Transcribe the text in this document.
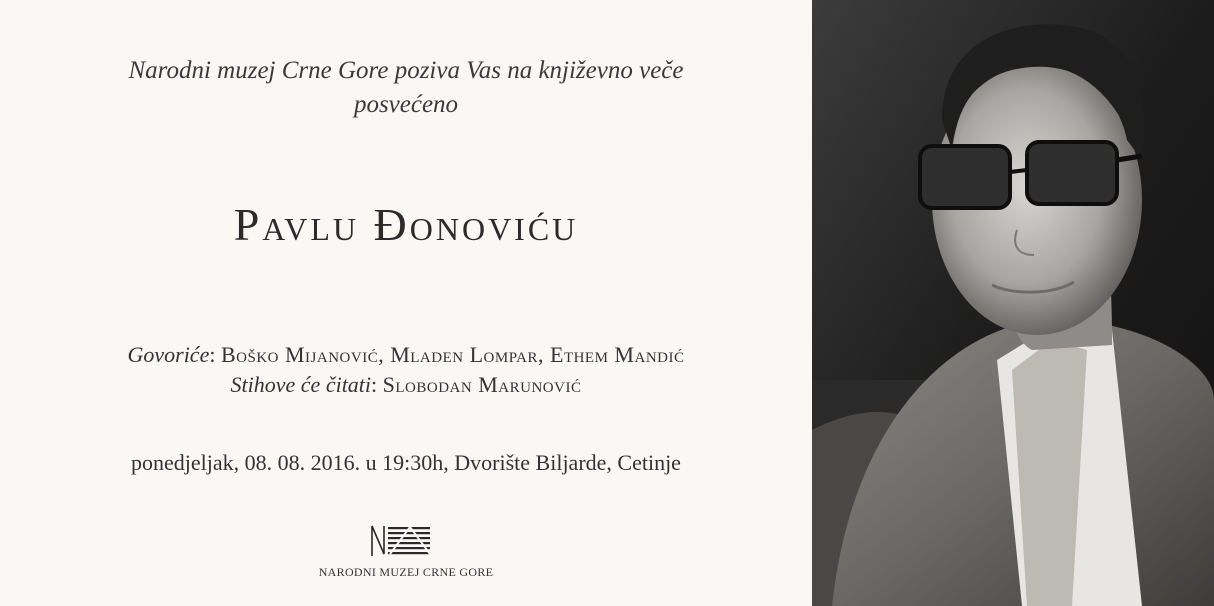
Narodni muzej Crne Gore poziva Vas na književno veče
posvećeno
Pavlu Đonoviću
Govoriće: Boško Mijanović, Mladen Lompar, Ethem Mandić
Stihove će čitati: Slobodan Marunović
ponedjeljak, 08. 08. 2016. u 19:30h, Dvorište Biljarde, Cetinje
NARODNI MUZEJ CRNE GORE
